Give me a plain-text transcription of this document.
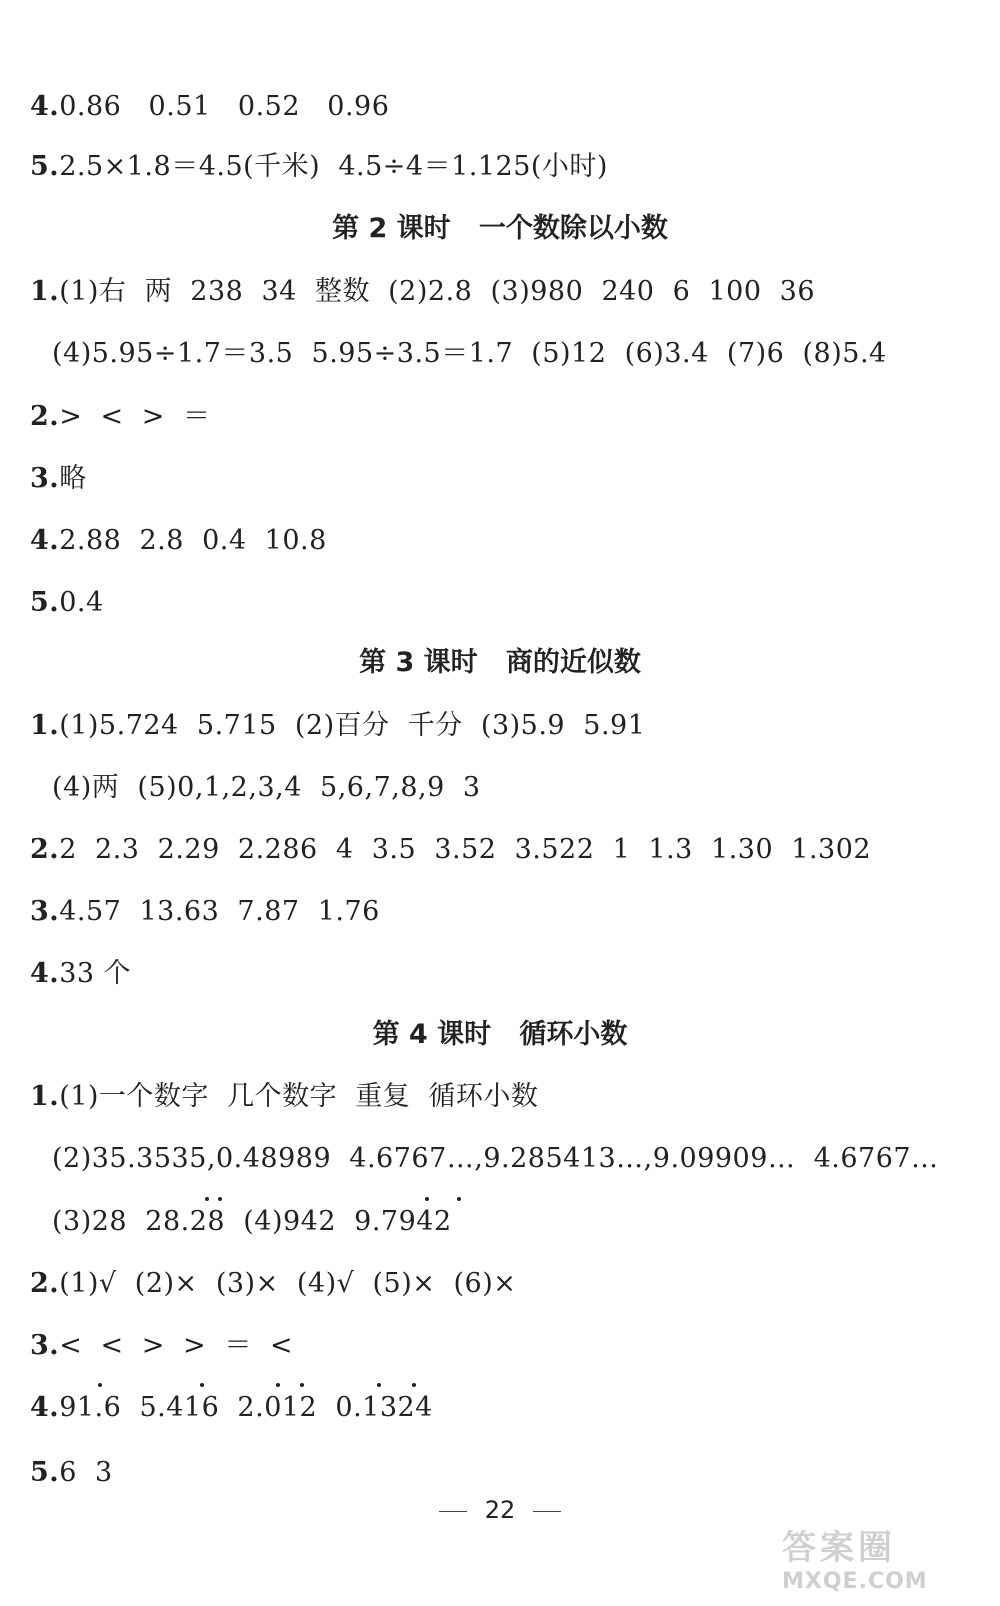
4.0.86   0.51   0.52   0.96
5.2.5×1.8＝4.5(千米)  4.5÷4＝1.125(小时)
第 2 课时   一个数除以小数
1.(1)右  两  238  34  整数  (2)2.8  (3)980  240  6  100  36
(4)5.95÷1.7＝3.5  5.95÷3.5＝1.7  (5)12  (6)3.4  (7)6  (8)5.4
2.>  <  >  ＝
3.略
4.2.88  2.8  0.4  10.8
5.0.4
第 3 课时   商的近似数
1.(1)5.724  5.715  (2)百分  千分  (3)5.9  5.91
(4)两  (5)0,1,2,3,4  5,6,7,8,9  3
2.2  2.3  2.29  2.286  4  3.5  3.52  3.522  1  1.3  1.30  1.302
3.4.57  13.63  7.87  1.76
4.33 个
第 4 课时   循环小数
1.(1)一个数字  几个数字  重复  循环小数
(2)35.3535,0.48989  4.6767…,9.285413…,9.09909…  4.6767…
(3)28  28.28  (4)942  9.7942
2.(1)√  (2)×  (3)×  (4)√  (5)×  (6)×
3.<  <  >  >  ＝  <
4.91.6  5.416  2.012  0.1324
5.6  3
22
答案圈
MXQE.COM
